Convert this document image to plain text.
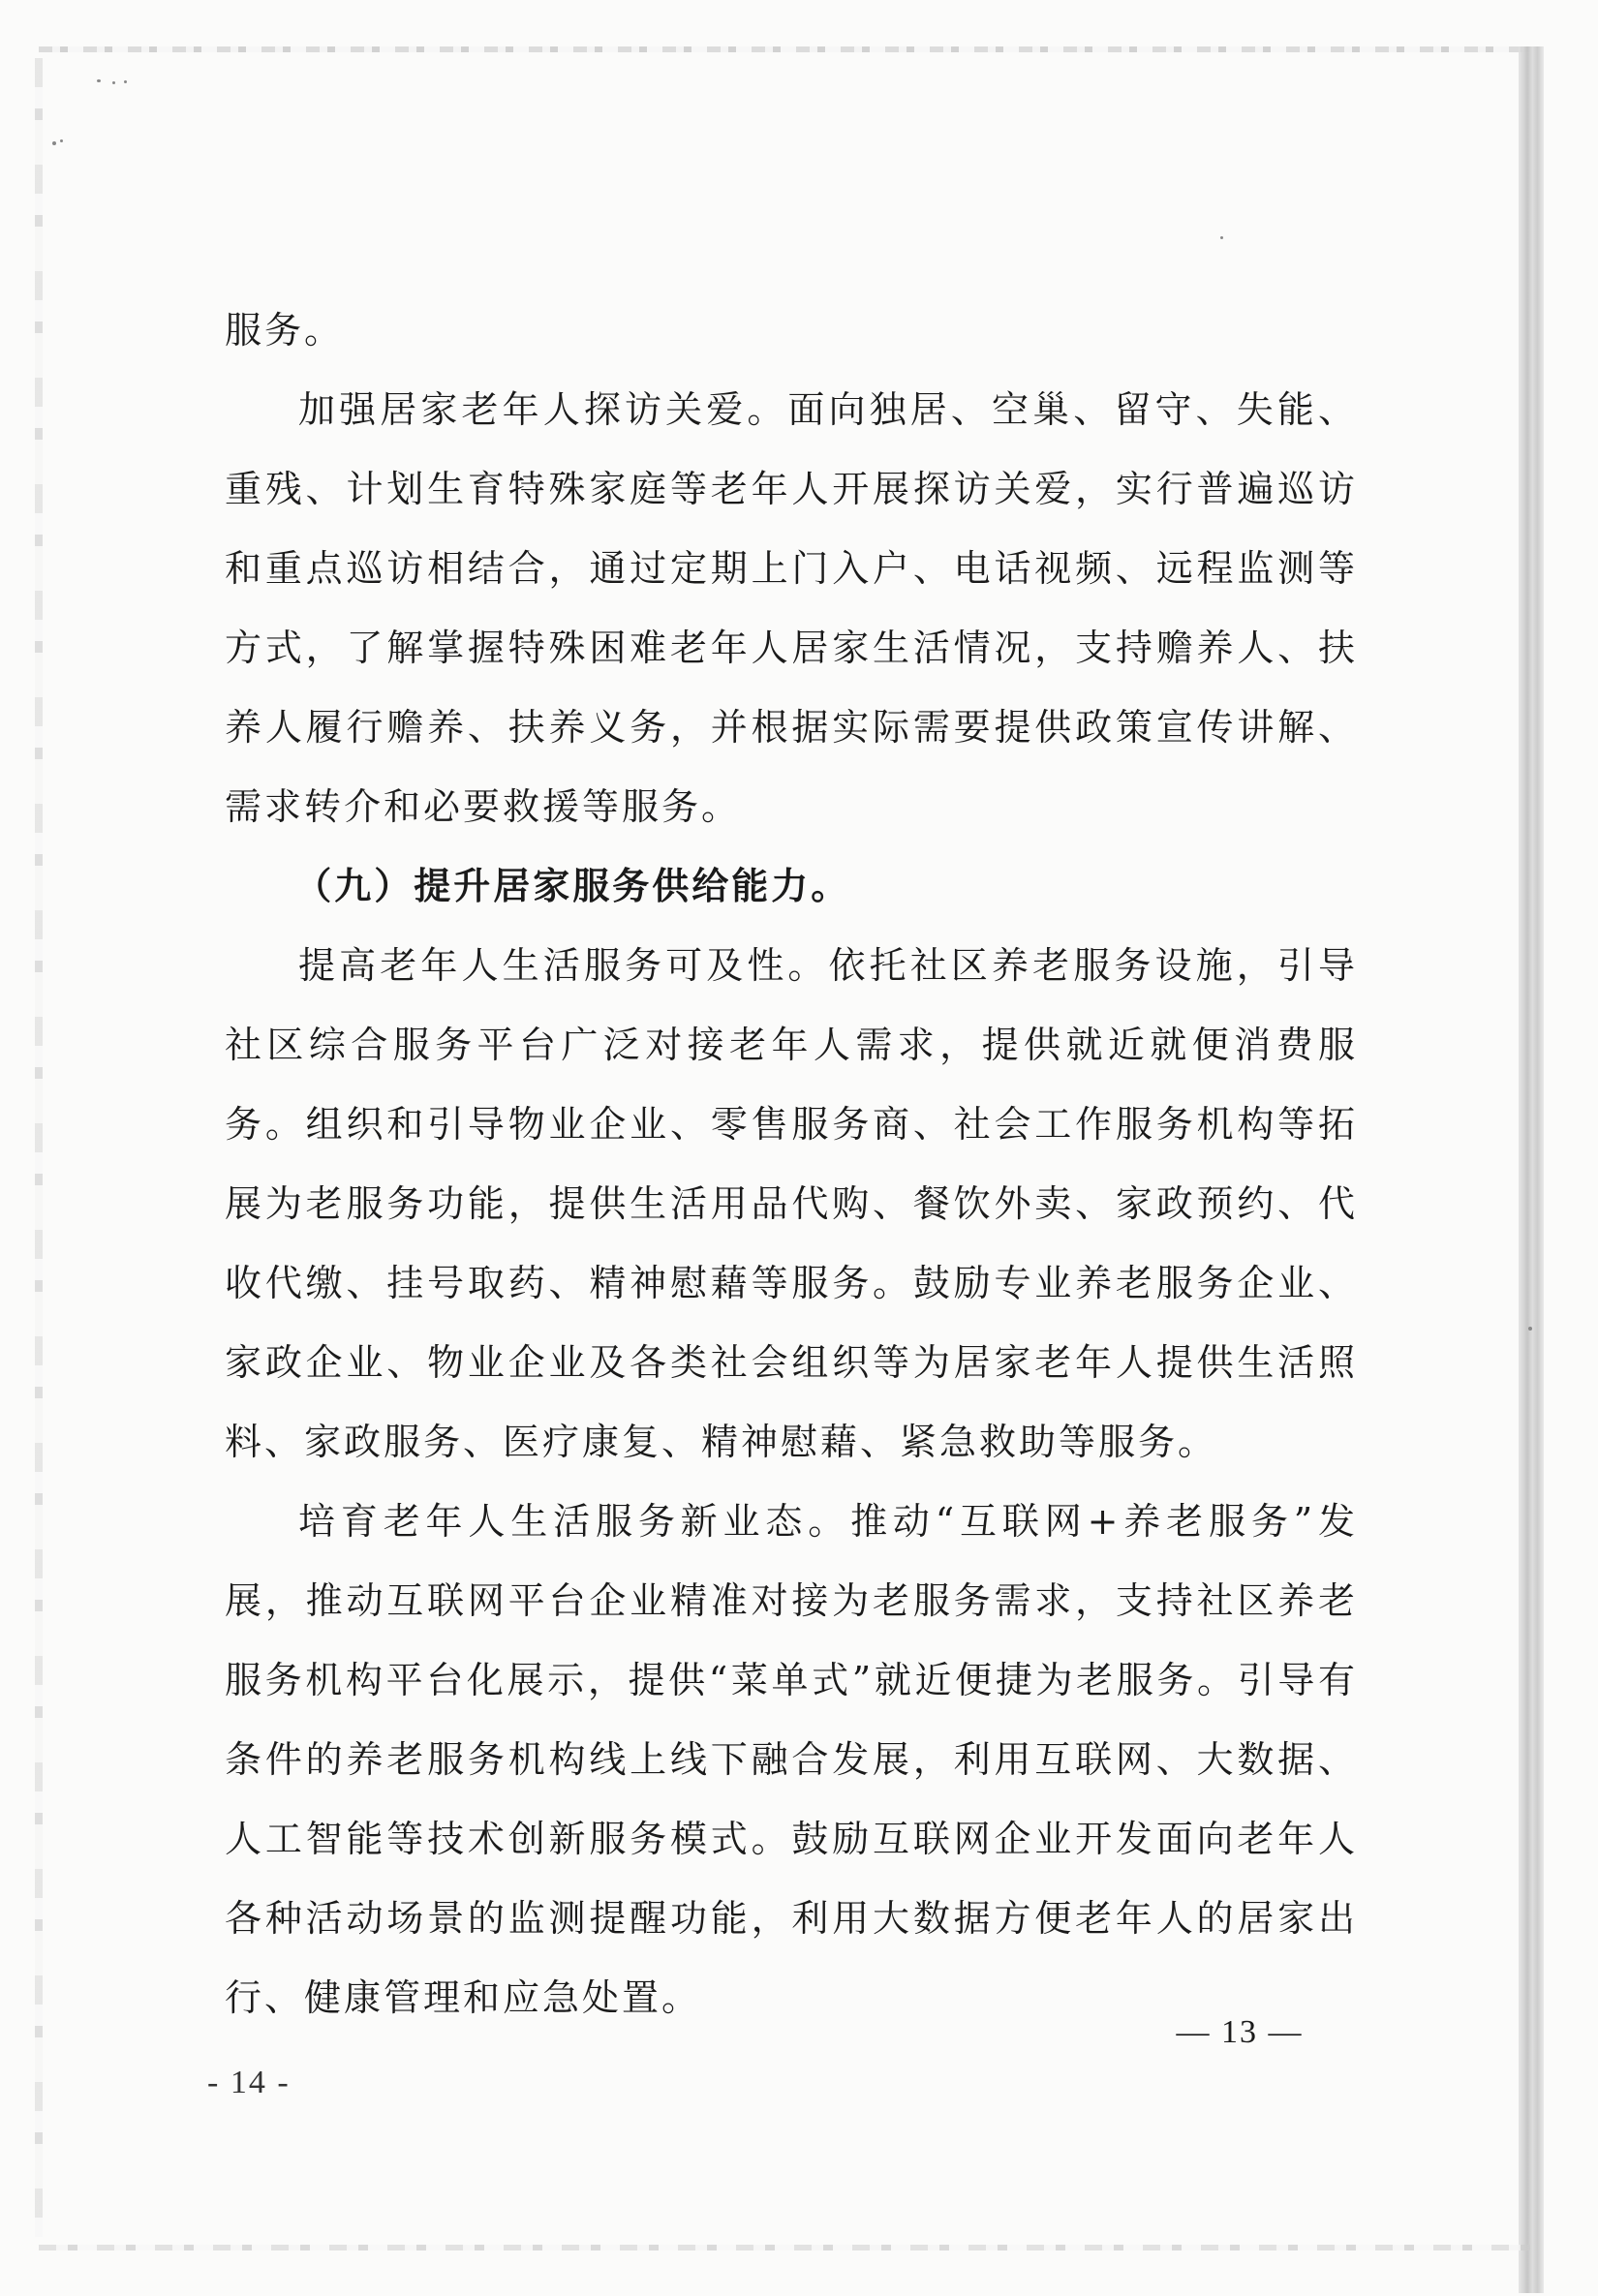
服务。

加强居家老年人探访关爱。面向独居、空巢、留守、失能、重残、计划生育特殊家庭等老年人开展探访关爱，实行普遍巡访和重点巡访相结合，通过定期上门入户、电话视频、远程监测等方式，了解掌握特殊困难老年人居家生活情况，支持赡养人、扶养人履行赡养、扶养义务，并根据实际需要提供政策宣传讲解、需求转介和必要救援等服务。

（九）提升居家服务供给能力。

提高老年人生活服务可及性。依托社区养老服务设施，引导社区综合服务平台广泛对接老年人需求，提供就近就便消费服务。组织和引导物业企业、零售服务商、社会工作服务机构等拓展为老服务功能，提供生活用品代购、餐饮外卖、家政预约、代收代缴、挂号取药、精神慰藉等服务。鼓励专业养老服务企业、家政企业、物业企业及各类社会组织等为居家老年人提供生活照料、家政服务、医疗康复、精神慰藉、紧急救助等服务。

培育老年人生活服务新业态。推动“互联网+养老服务”发展，推动互联网平台企业精准对接为老服务需求，支持社区养老服务机构平台化展示，提供“菜单式”就近便捷为老服务。引导有条件的养老服务机构线上线下融合发展，利用互联网、大数据、人工智能等技术创新服务模式。鼓励互联网企业开发面向老年人各种活动场景的监测提醒功能，利用大数据方便老年人的居家出行、健康管理和应急处置。

— 13 —
- 14 -
